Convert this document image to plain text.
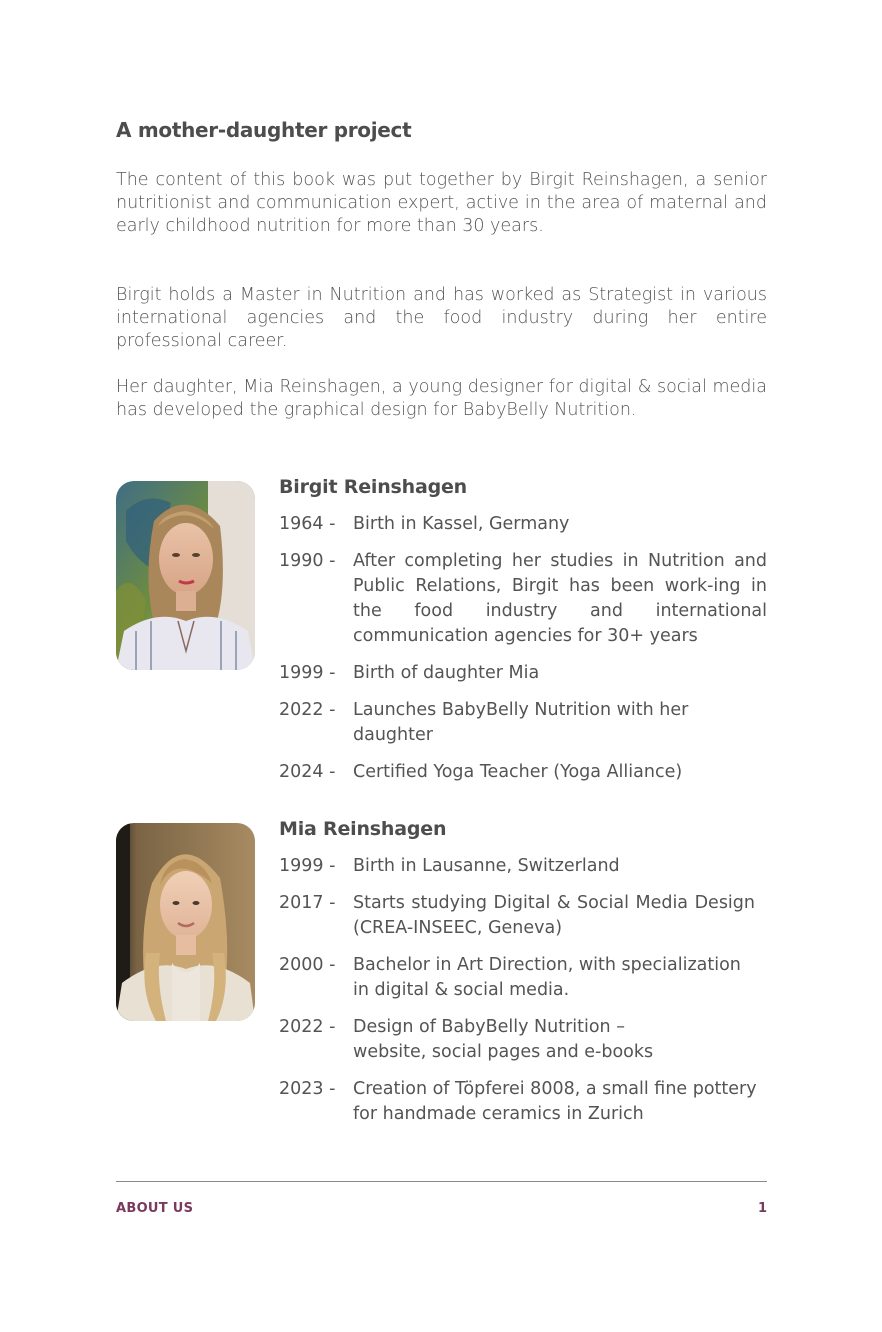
A mother-daughter project
The content of this book was put together by Birgit Reinshagen, a senior nutritionist and communication expert, active in the area of maternal and early childhood nutrition for more than 30 years.
Birgit holds a Master in Nutrition and has worked as Strategist in various international agencies and the food industry during her entire professional career.
Her daughter, Mia Reinshagen, a young designer for digital & social media has developed the graphical design for BabyBelly Nutrition.
Birgit Reinshagen
1964 -	Birth in Kassel, Germany
1990 -	After completing her studies in Nutrition and Public Relations, Birgit has been work-ing in the food industry and international communication agencies for 30+ years
1999 -	Birth of daughter Mia
2022 -	Launches BabyBelly Nutrition with her daughter
2024 -	Certified Yoga Teacher (Yoga Alliance)
Mia Reinshagen
1999 -	Birth in Lausanne, Switzerland
2017 -	Starts studying Digital & Social Media Design (CREA-INSEEC, Geneva)
2000 -	Bachelor in Art Direction, with specialization in digital & social media.
2022 -	Design of BabyBelly Nutrition – website, social pages and e-books
2023 -	Creation of Töpferei 8008, a small fine pottery for handmade ceramics in Zurich
ABOUT US	1
